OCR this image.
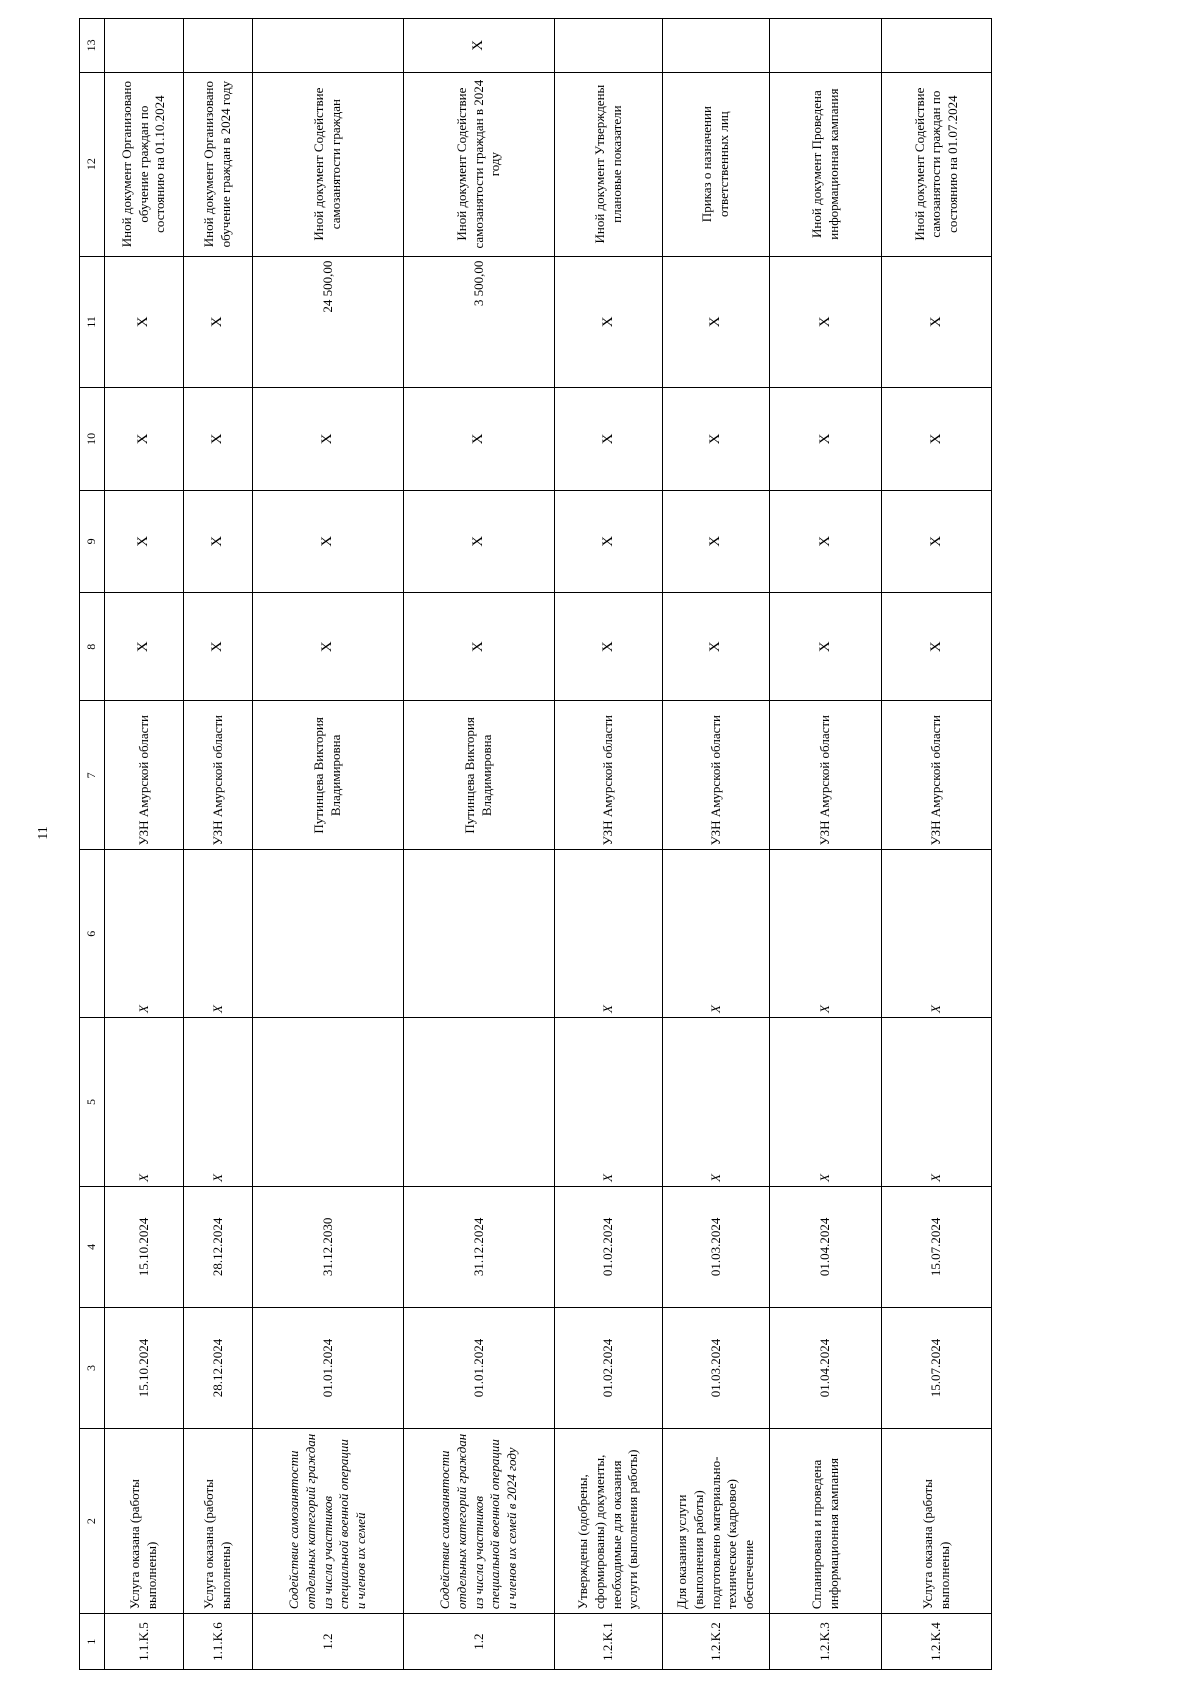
11
1	2	3	4	5	6	7	8	9	10	11	12	13
1.1.K.5	Услуга оказана (работы выполнены)	15.10.2024	15.10.2024	X	X	УЗН Амурской области	X	X	X	X	Иной документ Организовано обучение граждан по состоянию на 01.10.2024	
1.1.K.6	Услуга оказана (работы выполнены)	28.12.2024	28.12.2024	X	X	УЗН Амурской области	X	X	X	X	Иной документ Организовано обучение граждан в 2024 году	
1.2	Содействие самозанятости отдельных категорий граждан из числа участников специальной военной операции и членов их семей	01.01.2024	31.12.2030			Путинцева Виктория Владимировна	X	X	X	24 500,00	Иной документ Содействие самозанятости граждан	
1.2	Содействие самозанятости отдельных категорий граждан из числа участников специальной военной операции и членов их семей в 2024 году	01.01.2024	31.12.2024			Путинцева Виктория Владимировна	X	X	X	3 500,00	Иной документ Содействие самозанятости граждан в 2024 году	X
1.2.K.1	Утверждены (одобрены, сформированы) документы, необходимые для оказания услуги (выполнения работы)	01.02.2024	01.02.2024	X	X	УЗН Амурской области	X	X	X	X	Иной документ Утверждены плановые показатели	
1.2.K.2	Для оказания услуги (выполнения работы) подготовлено материально-техническое (кадровое) обеспечение	01.03.2024	01.03.2024	X	X	УЗН Амурской области	X	X	X	X	Приказ о назначении ответственных лиц	
1.2.K.3	Спланирована и проведена информационная кампания	01.04.2024	01.04.2024	X	X	УЗН Амурской области	X	X	X	X	Иной документ Проведена информационная кампания	
1.2.K.4	Услуга оказана (работы выполнены)	15.07.2024	15.07.2024	X	X	УЗН Амурской области	X	X	X	X	Иной документ Содействие самозанятости граждан по состоянию на 01.07.2024	
